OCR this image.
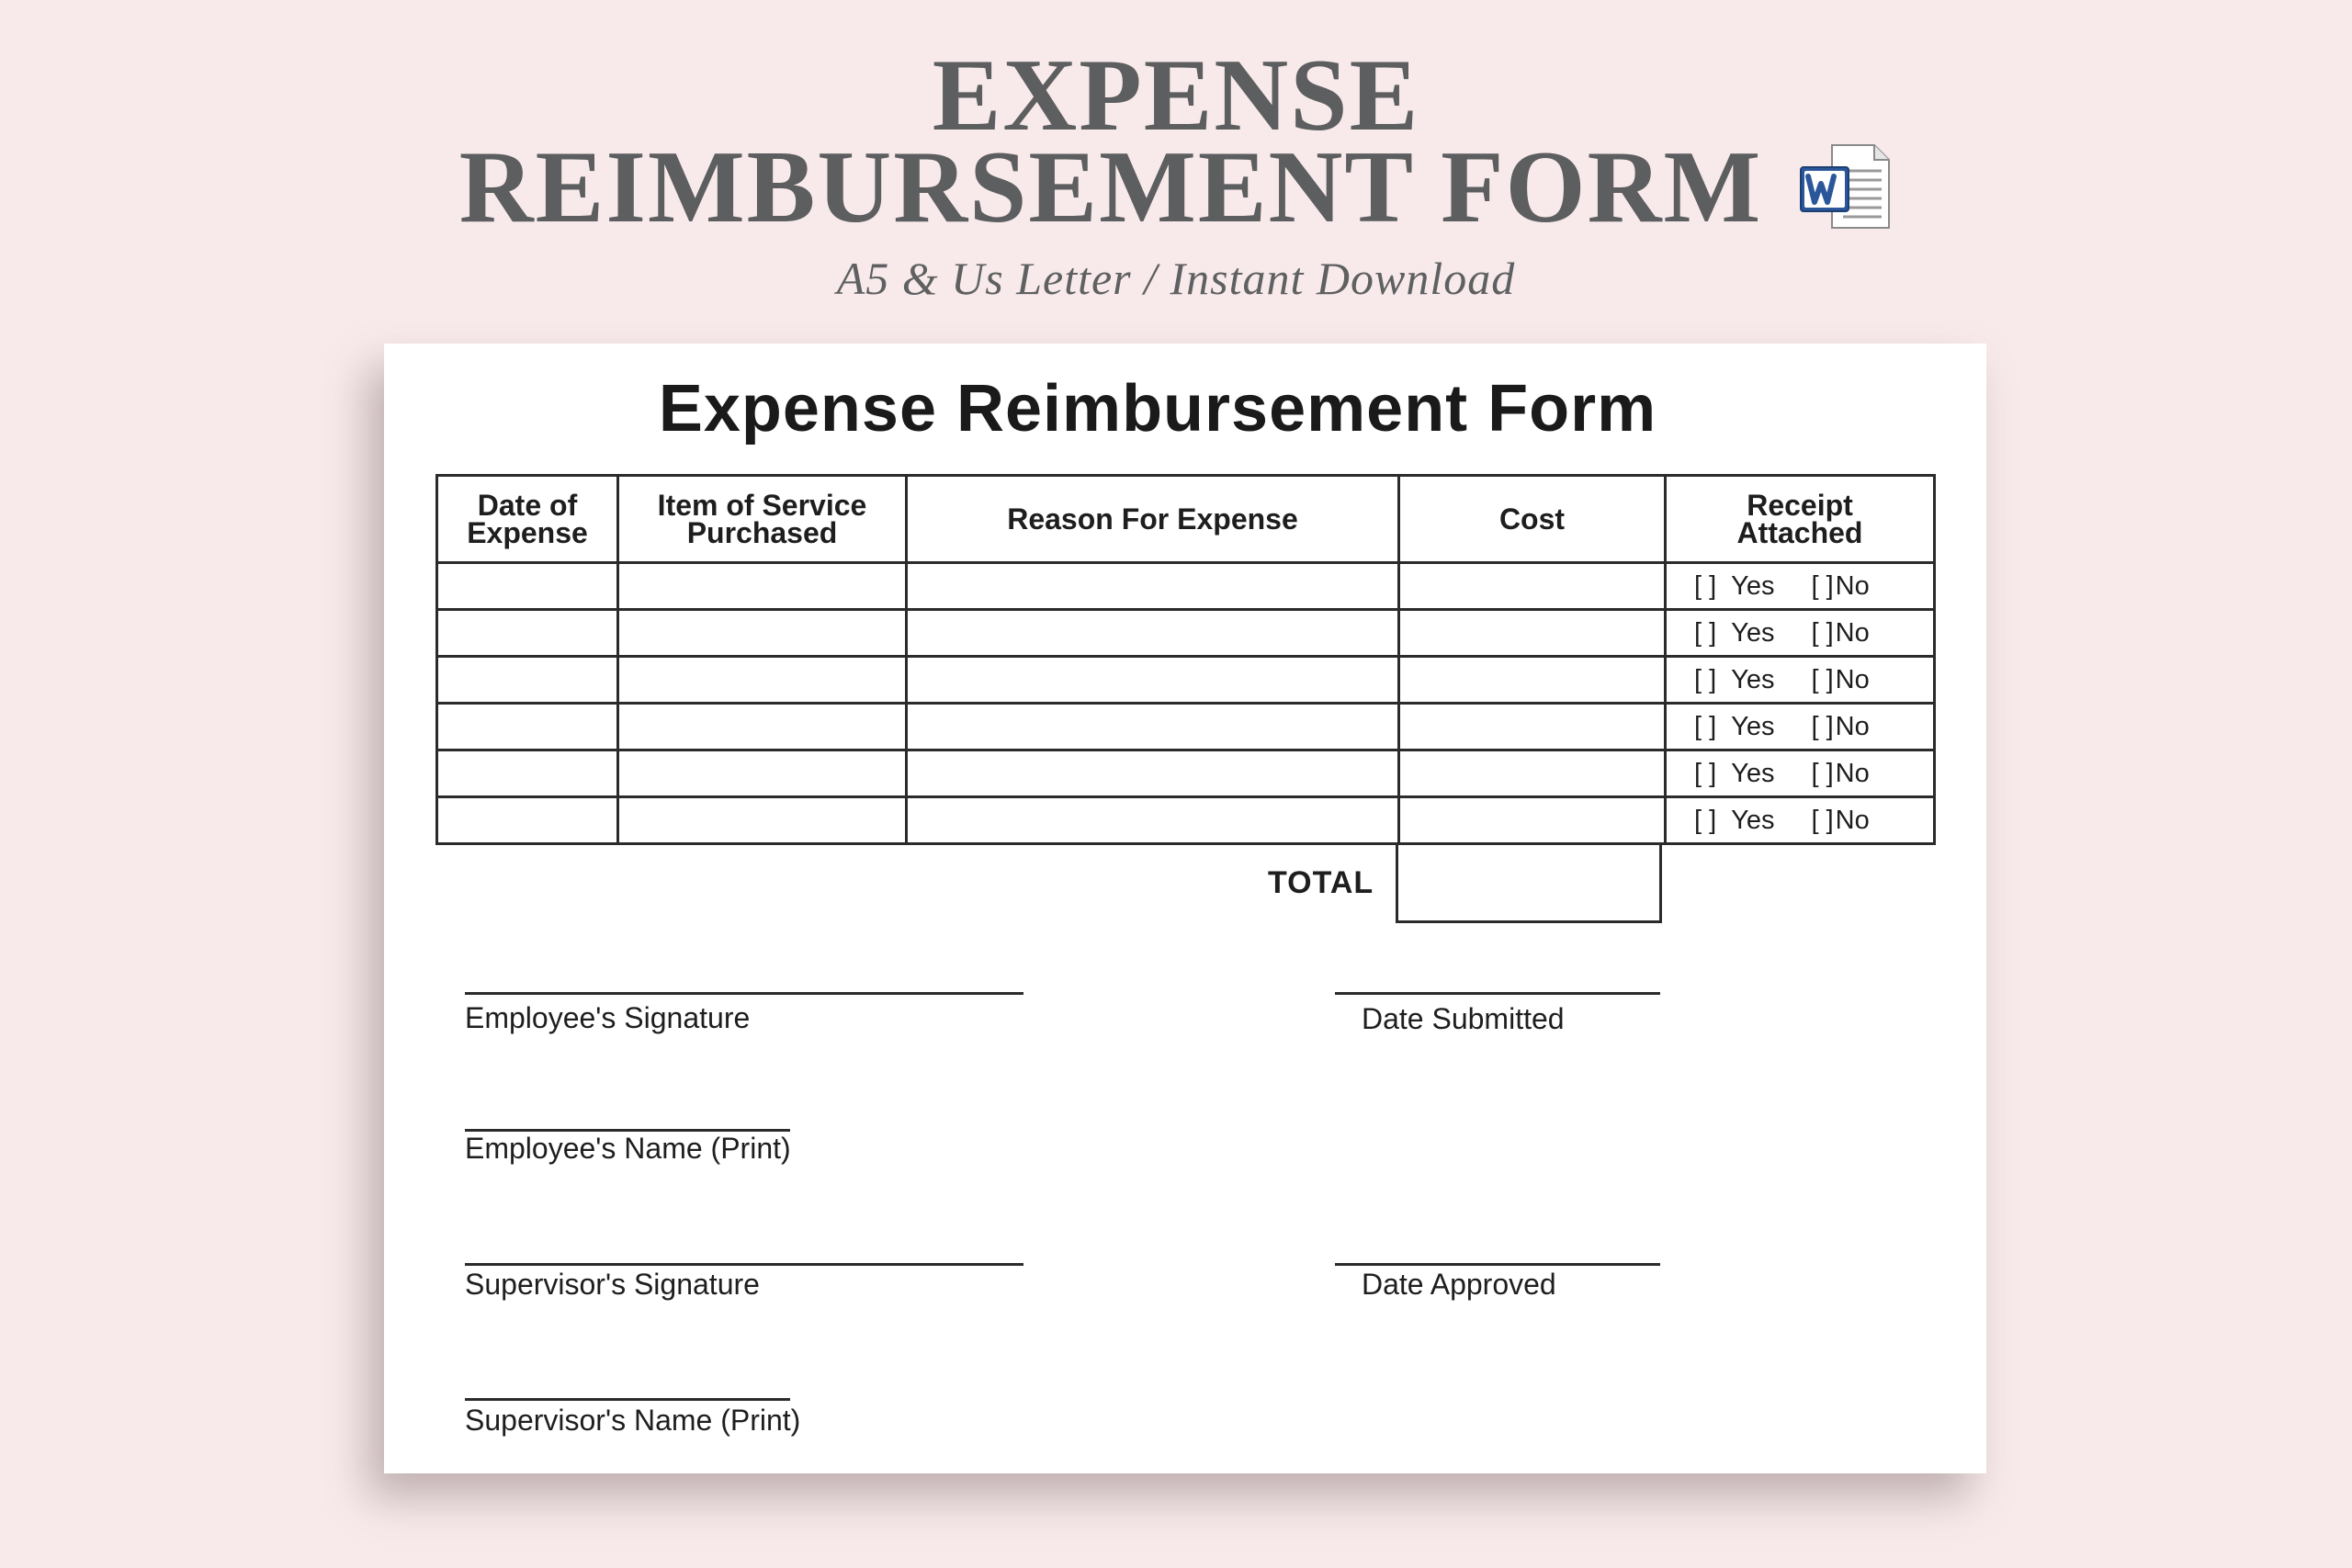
EXPENSE
REIMBURSEMENT FORM
A5 & Us Letter / Instant Download
Expense Reimbursement Form
Date of Expense	Item of Service Purchased	Reason For Expense	Cost	Receipt Attached
				[ ] Yes [ ]No
				[ ] Yes [ ]No
				[ ] Yes [ ]No
				[ ] Yes [ ]No
				[ ] Yes [ ]No
				[ ] Yes [ ]No
TOTAL
Employee's Signature	Date Submitted
Employee's Name (Print)
Supervisor's Signature	Date Approved
Supervisor's Name (Print)
